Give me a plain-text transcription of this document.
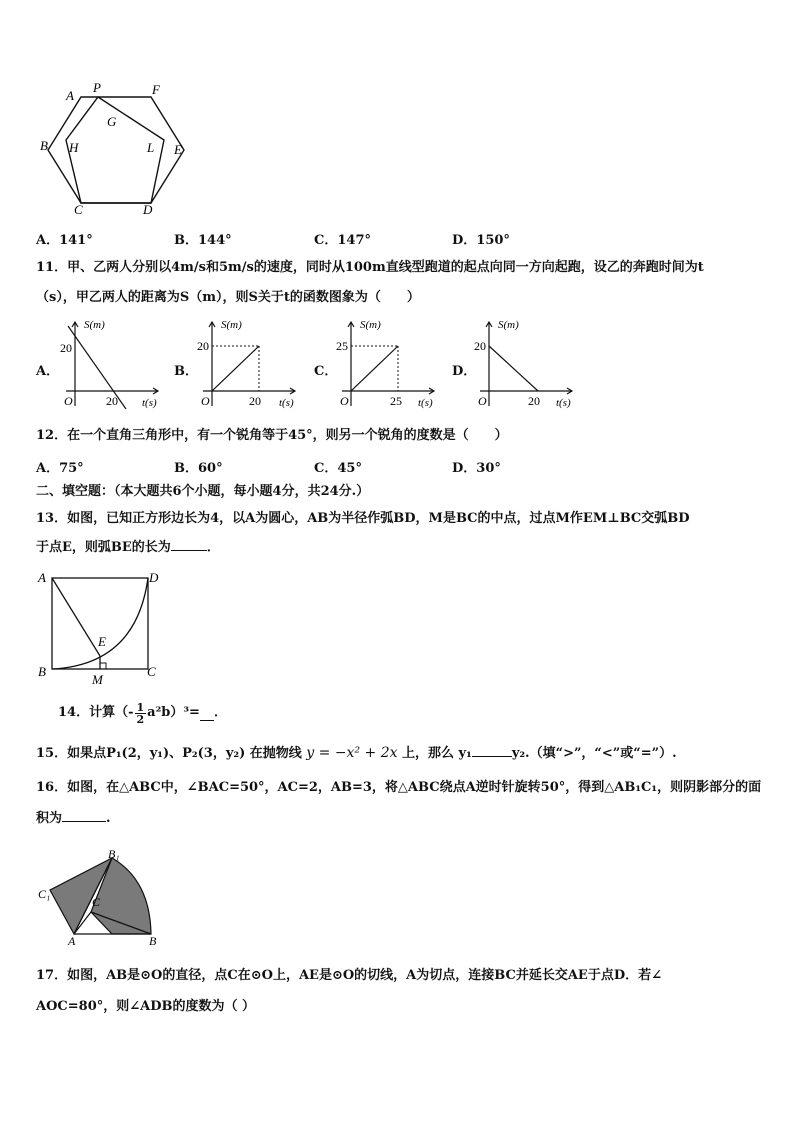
A
P	F
G
B H	L E
C	D
A．141°	B．144°	C．147°	D．150°
11．甲、乙两人分别以4m/s和5m/s的速度，同时从100m直线型跑道的起点向同一方向起跑，设乙的奔跑时间为t
（s），甲乙两人的距离为S（m），则S关于t的函数图象为（　　）
A．
S(m)
20
O	20 t(s)
B．
S(m)
20
O	20 t(s)
C．
S(m)
25
O	25 t(s)
D．
S(m)
20
O	20 t(s)
12．在一个直角三角形中，有一个锐角等于45°，则另一个锐角的度数是（　　）
A．75°	B．60°	C．45°	D．30°
二、填空题：（本大题共6个小题，每小题4分，共24分.）
13．如图，已知正方形边长为4，以A为圆心，AB为半径作弧BD，M是BC的中点，过点M作EM⊥BC交弧BD
于点E，则弧BE的长为	．
A	D
E
B
M
C
14．计算（- $\frac{1}{2} a^2b)^3=$ ．
15．如果点P₁(2，y₁)、P₂(3，y₂) 在抛物线 y = −x² + 2x 上，那么 y₁	y₂.（填“>”，“<”或“=”）.
16．如图，在△ABC中，∠BAC=50°，AC=2，AB=3，将△ABC绕点A逆时针旋转50°，得到△AB₁C₁，则阴影部分的面
积为	.
B₁
C₁
C
A	B
17．如图，AB是⊙O的直径，点C在⊙O上，AE是⊙O的切线，A为切点，连接BC并延长交AE于点D．若∠
AOC=80°，则∠ADB的度数为（ ）
